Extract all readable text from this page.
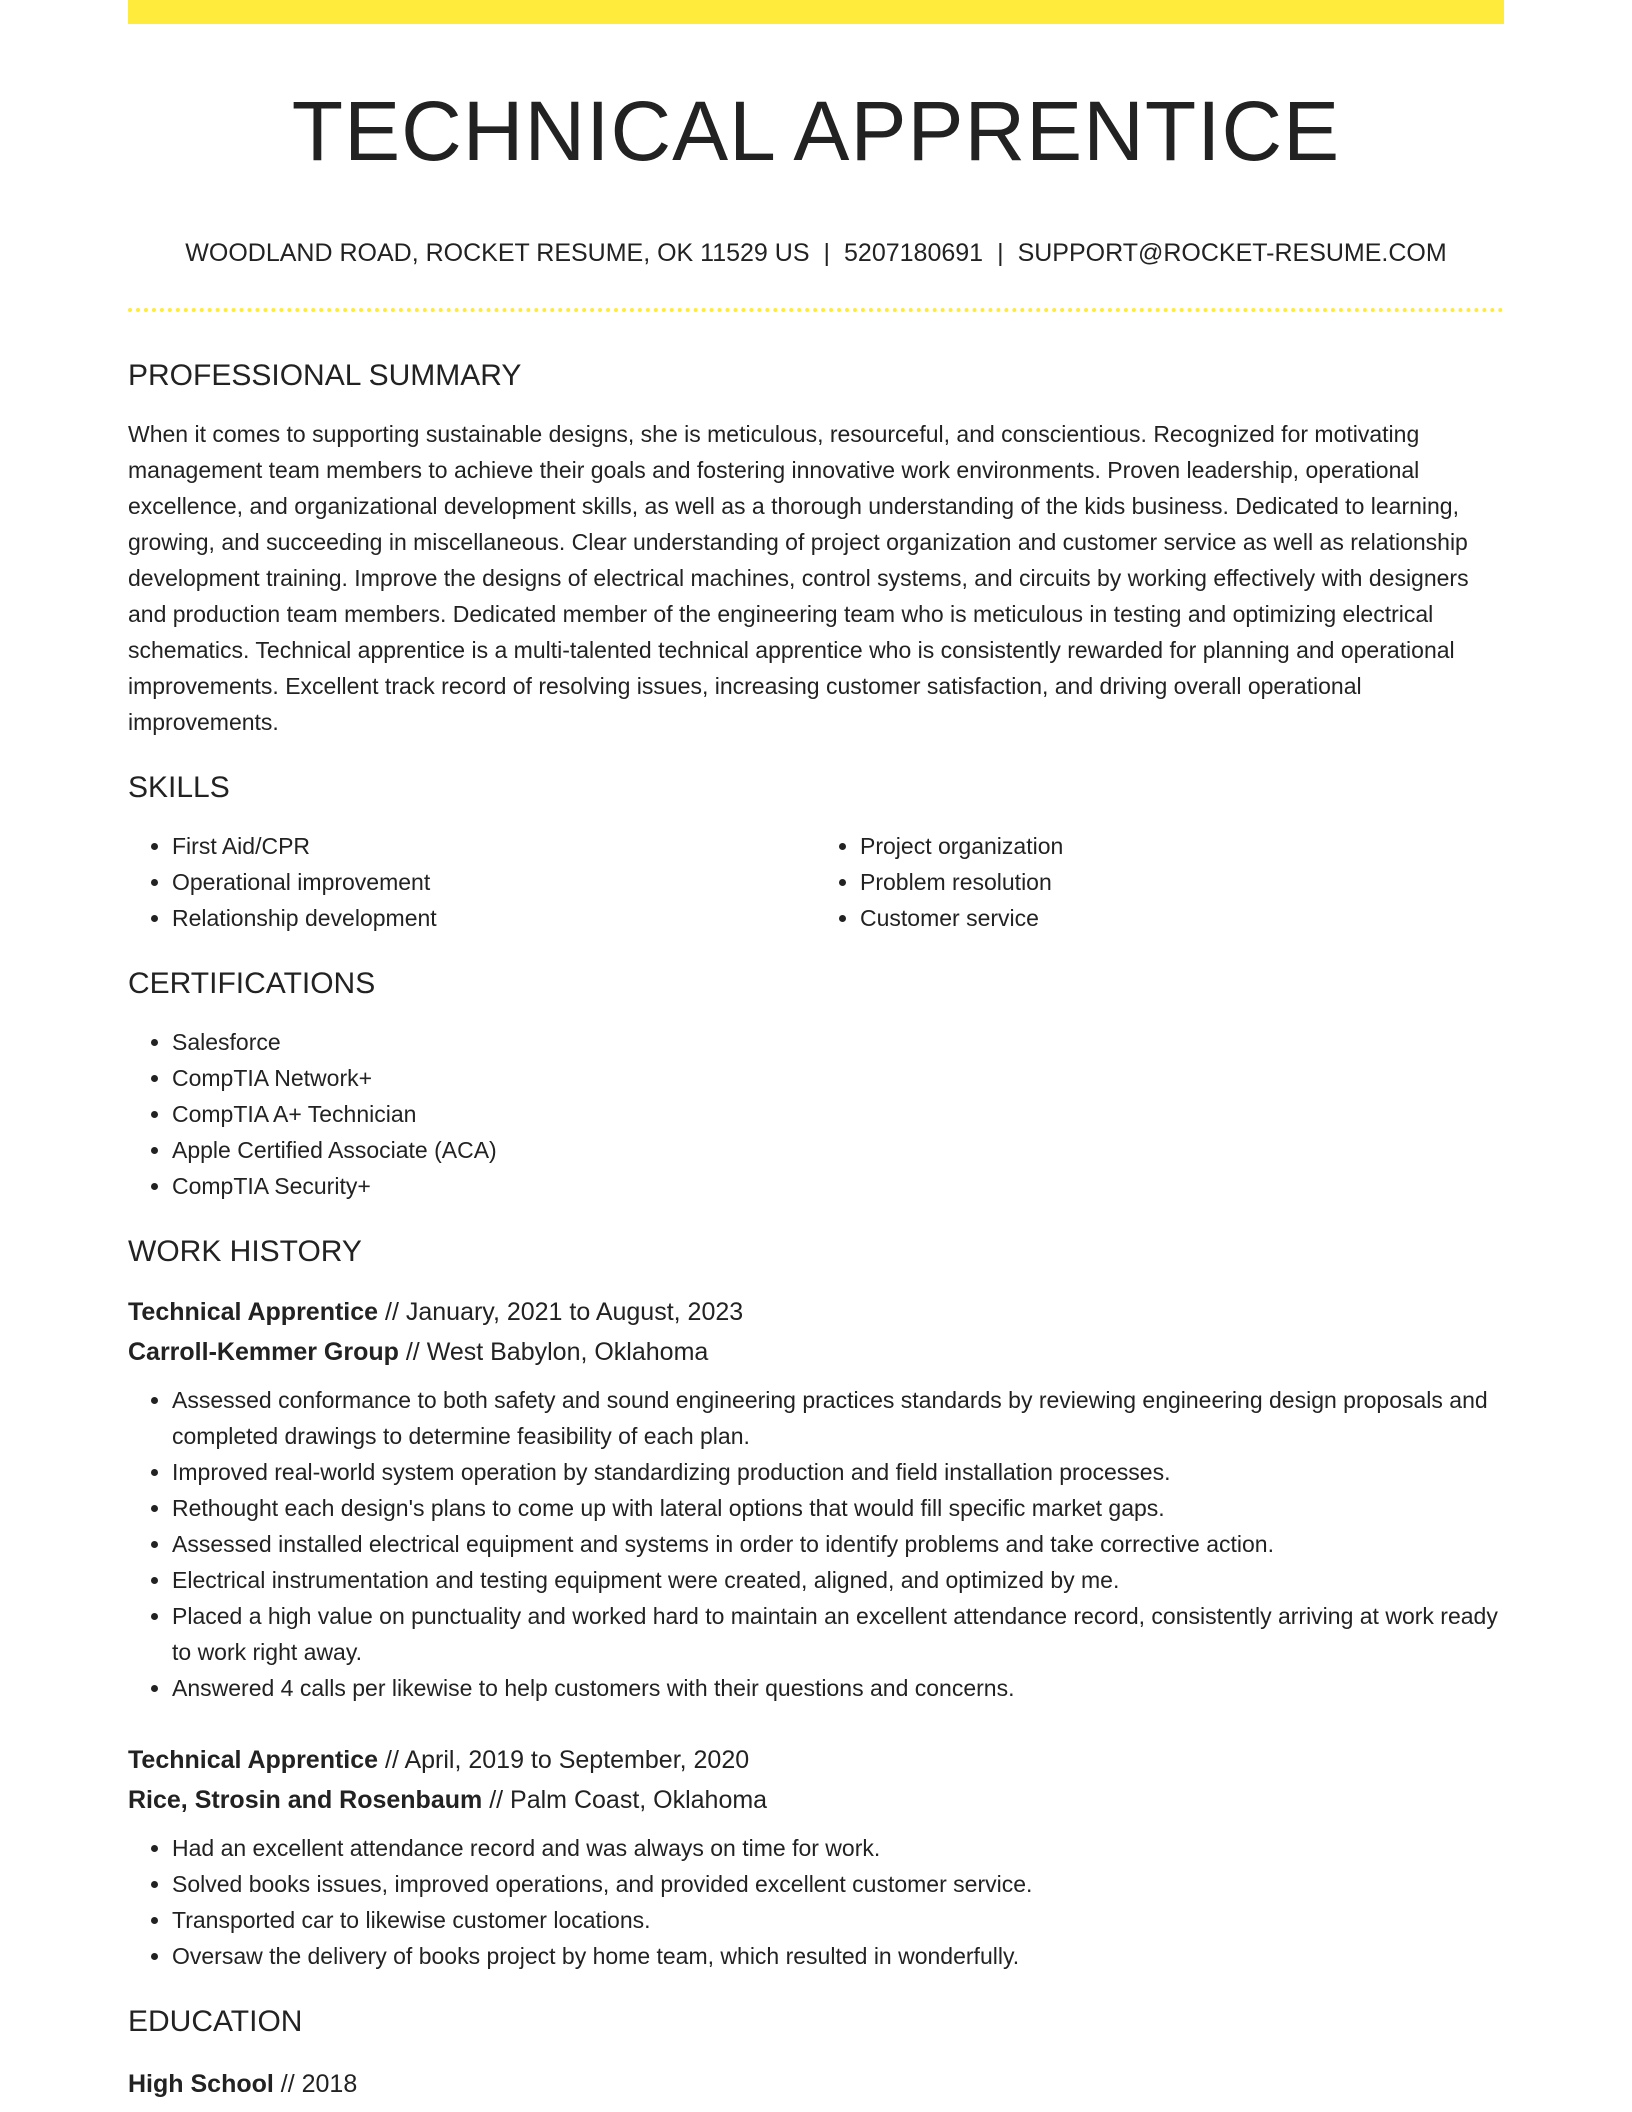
TECHNICAL APPRENTICE
WOODLAND ROAD, ROCKET RESUME, OK 11529 US | 5207180691 | SUPPORT@ROCKET-RESUME.COM
PROFESSIONAL SUMMARY
When it comes to supporting sustainable designs, she is meticulous, resourceful, and conscientious. Recognized for motivating management team members to achieve their goals and fostering innovative work environments. Proven leadership, operational excellence, and organizational development skills, as well as a thorough understanding of the kids business. Dedicated to learning, growing, and succeeding in miscellaneous. Clear understanding of project organization and customer service as well as relationship development training. Improve the designs of electrical machines, control systems, and circuits by working effectively with designers and production team members. Dedicated member of the engineering team who is meticulous in testing and optimizing electrical schematics. Technical apprentice is a multi-talented technical apprentice who is consistently rewarded for planning and operational improvements. Excellent track record of resolving issues, increasing customer satisfaction, and driving overall operational improvements.
SKILLS
• First Aid/CPR
• Operational improvement
• Relationship development
• Project organization
• Problem resolution
• Customer service
CERTIFICATIONS
• Salesforce
• CompTIA Network+
• CompTIA A+ Technician
• Apple Certified Associate (ACA)
• CompTIA Security+
WORK HISTORY
Technical Apprentice // January, 2021 to August, 2023
Carroll-Kemmer Group // West Babylon, Oklahoma
• Assessed conformance to both safety and sound engineering practices standards by reviewing engineering design proposals and completed drawings to determine feasibility of each plan.
• Improved real-world system operation by standardizing production and field installation processes.
• Rethought each design's plans to come up with lateral options that would fill specific market gaps.
• Assessed installed electrical equipment and systems in order to identify problems and take corrective action.
• Electrical instrumentation and testing equipment were created, aligned, and optimized by me.
• Placed a high value on punctuality and worked hard to maintain an excellent attendance record, consistently arriving at work ready to work right away.
• Answered 4 calls per likewise to help customers with their questions and concerns.
Technical Apprentice // April, 2019 to September, 2020
Rice, Strosin and Rosenbaum // Palm Coast, Oklahoma
• Had an excellent attendance record and was always on time for work.
• Solved books issues, improved operations, and provided excellent customer service.
• Transported car to likewise customer locations.
• Oversaw the delivery of books project by home team, which resulted in wonderfully.
EDUCATION
High School // 2018
